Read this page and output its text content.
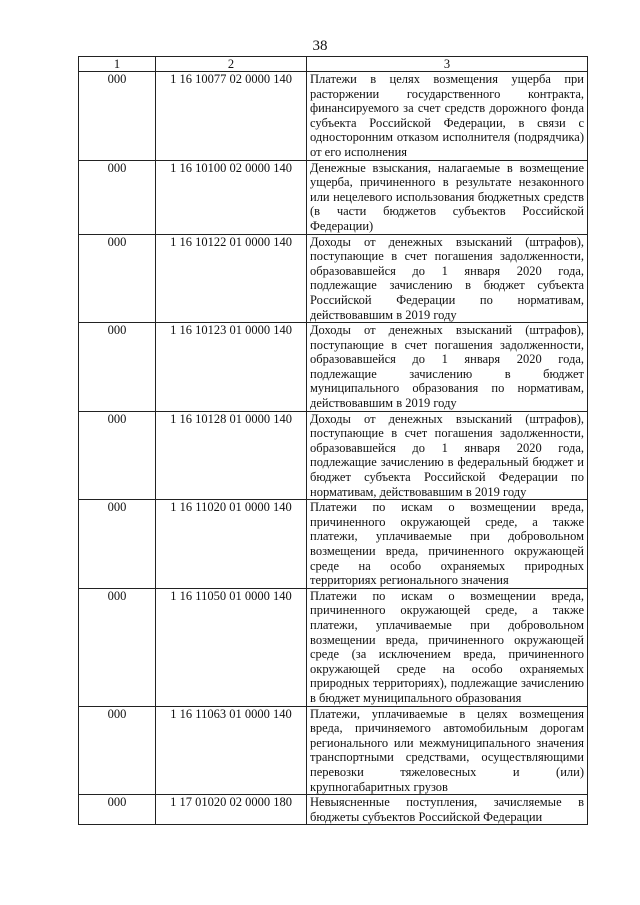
38
1	2	3
000	1 16 10077 02 0000 140	Платежи в целях возмещения ущерба при расторжении государственного контракта, финансируемого за счет средств дорожного фонда субъекта Российской Федерации, в связи с односторонним отказом исполнителя (подрядчика) от его исполнения
000	1 16 10100 02 0000 140	Денежные взыскания, налагаемые в возмещение ущерба, причиненного в результате незаконного или нецелевого использования бюджетных средств (в части бюджетов субъектов Российской Федерации)
000	1 16 10122 01 0000 140	Доходы от денежных взысканий (штрафов), поступающие в счет погашения задолженности, образовавшейся до 1 января 2020 года, подлежащие зачислению в бюджет субъекта Российской Федерации по нормативам, действовавшим в 2019 году
000	1 16 10123 01 0000 140	Доходы от денежных взысканий (штрафов), поступающие в счет погашения задолженности, образовавшейся до 1 января 2020 года, подлежащие зачислению в бюджет муниципального образования по нормативам, действовавшим в 2019 году
000	1 16 10128 01 0000 140	Доходы от денежных взысканий (штрафов), поступающие в счет погашения задолженности, образовавшейся до 1 января 2020 года, подлежащие зачислению в федеральный бюджет и бюджет субъекта Российской Федерации по нормативам, действовавшим в 2019 году
000	1 16 11020 01 0000 140	Платежи по искам о возмещении вреда, причиненного окружающей среде, а также платежи, уплачиваемые при добровольном возмещении вреда, причиненного окружающей среде на особо охраняемых природных территориях регионального значения
000	1 16 11050 01 0000 140	Платежи по искам о возмещении вреда, причиненного окружающей среде, а также платежи, уплачиваемые при добровольном возмещении вреда, причиненного окружающей среде (за исключением вреда, причиненного окружающей среде на особо охраняемых природных территориях), подлежащие зачислению в бюджет муниципального образования
000	1 16 11063 01 0000 140	Платежи, уплачиваемые в целях возмещения вреда, причиняемого автомобильным дорогам регионального или межмуниципального значения транспортными средствами, осуществляющими перевозки тяжеловесных и (или) крупногабаритных грузов
000	1 17 01020 02 0000 180	Невыясненные поступления, зачисляемые в бюджеты субъектов Российской Федерации
